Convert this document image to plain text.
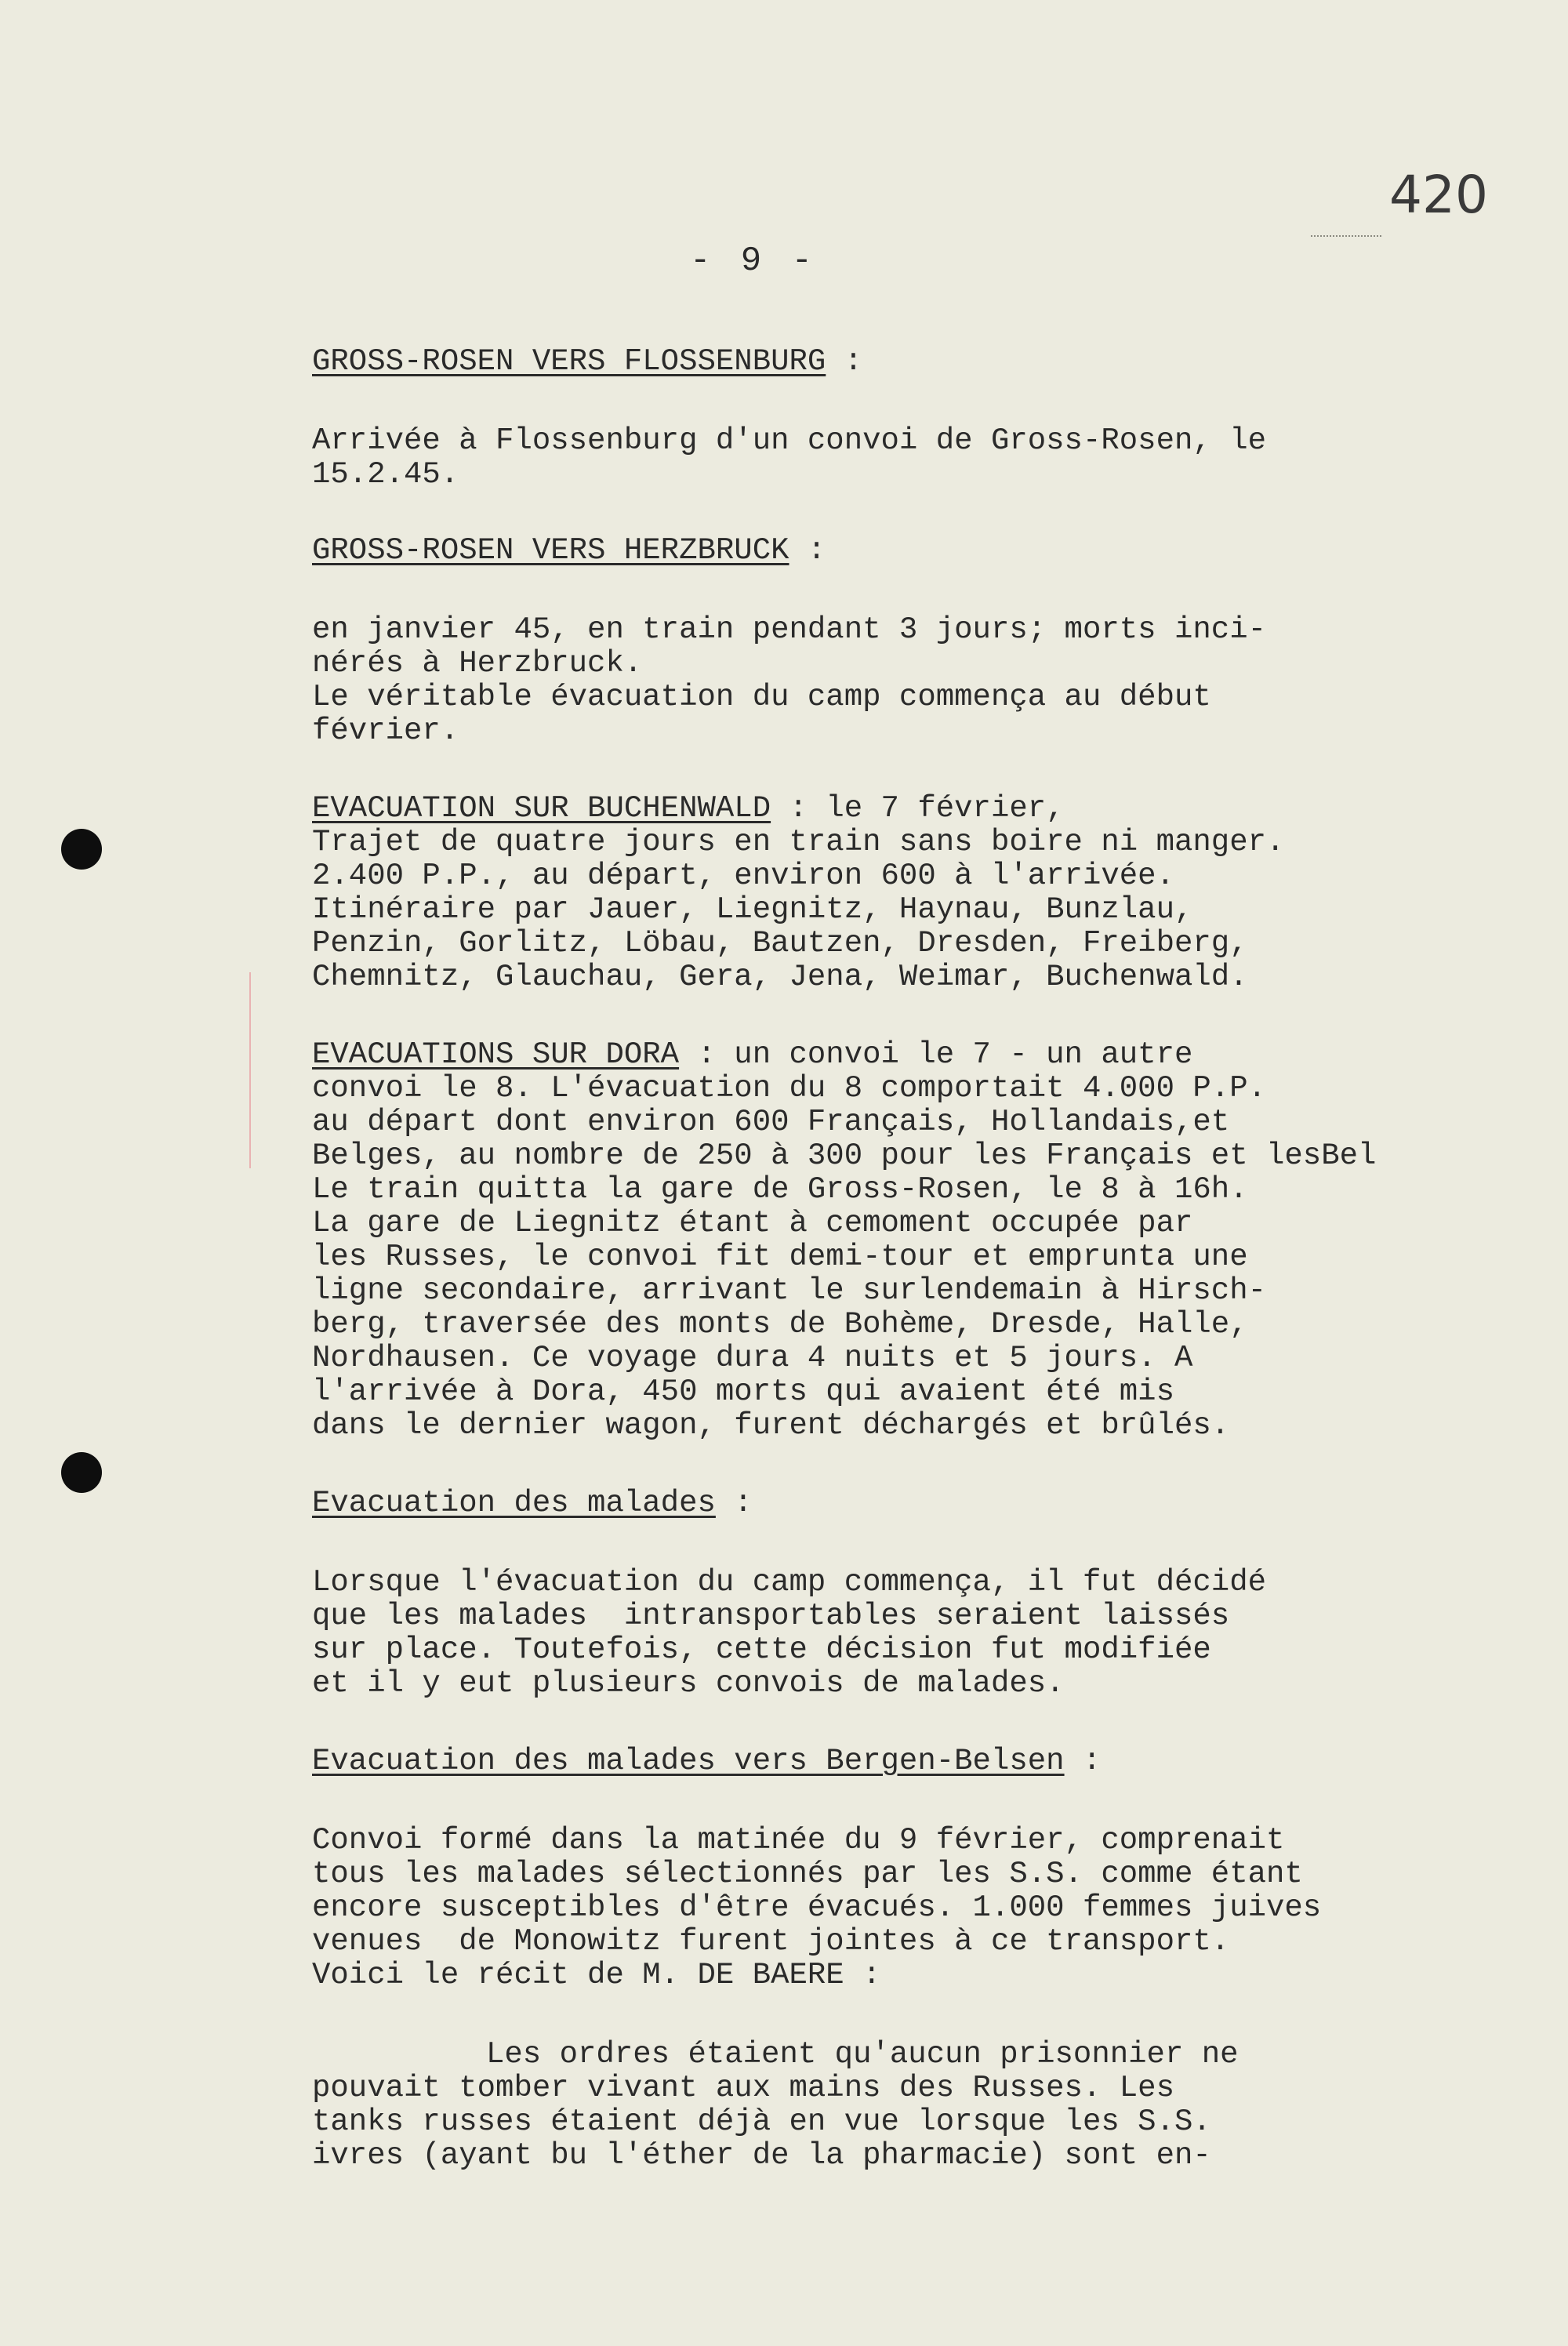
420
- 9 -

GROSS-ROSEN VERS FLOSSENBURG :

Arrivée à Flossenburg d'un convoi de Gross-Rosen, le

15.2.45.

GROSS-ROSEN VERS HERZBRUCK :

en janvier 45, en train pendant 3 jours; morts inci-

nérés à Herzbruck.

Le véritable évacuation du camp commença au début

février.

EVACUATION SUR BUCHENWALD : le 7 février,

Trajet de quatre jours en train sans boire ni manger.

2.400 P.P., au départ, environ 600 à l'arrivée.

Itinéraire par Jauer, Liegnitz, Haynau, Bunzlau,

Penzin, Gorlitz, Löbau, Bautzen, Dresden, Freiberg,

Chemnitz, Glauchau, Gera, Jena, Weimar, Buchenwald.

EVACUATIONS SUR DORA : un convoi le 7 - un autre

convoi le 8. L'évacuation du 8 comportait 4.000 P.P.

au départ dont environ 600 Français, Hollandais,et

Belges, au nombre de 250 à 300 pour les Français et lesBel

Le train quitta la gare de Gross-Rosen, le 8 à 16h.

La gare de Liegnitz étant à cemoment occupée par

les Russes, le convoi fit demi-tour et emprunta une

ligne secondaire, arrivant le surlendemain à Hirsch-

berg, traversée des monts de Bohème, Dresde, Halle,

Nordhausen. Ce voyage dura 4 nuits et 5 jours. A

l'arrivée à Dora, 450 morts qui avaient été mis

dans le dernier wagon, furent déchargés et brûlés.

Evacuation des malades :

Lorsque l'évacuation du camp commença, il fut décidé

que les malades  intransportables seraient laissés

sur place. Toutefois, cette décision fut modifiée

et il y eut plusieurs convois de malades.

Evacuation des malades vers Bergen-Belsen :

Convoi formé dans la matinée du 9 février, comprenait

tous les malades sélectionnés par les S.S. comme étant

encore susceptibles d'être évacués. 1.000 femmes juives

venues  de Monowitz furent jointes à ce transport.

Voici le récit de M. DE BAERE :

Les ordres étaient qu'aucun prisonnier ne

pouvait tomber vivant aux mains des Russes. Les

tanks russes étaient déjà en vue lorsque les S.S.

ivres (ayant bu l'éther de la pharmacie) sont en-
